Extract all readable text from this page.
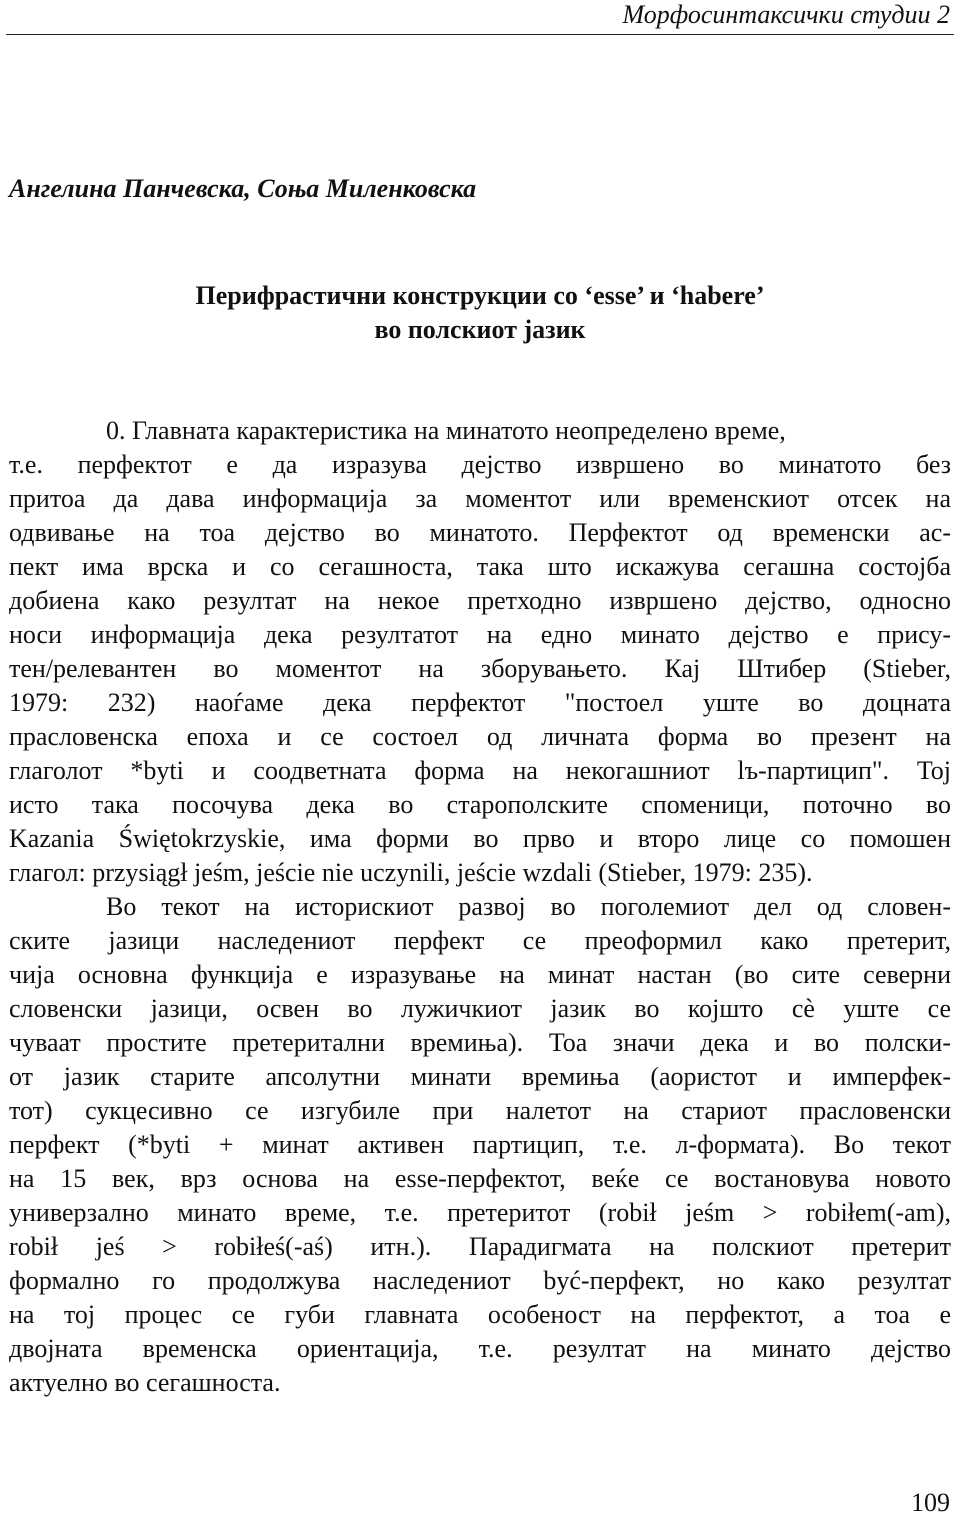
Морфосинтаксички студии 2
Ангелина Панчевска, Соња Миленковска
Перифрастични конструкции со ‘esse’ и ‘habere’
во полскиот јазик
0. Главната карактеристика на минатото неопределено време,
т.е. перфектот е да изразува дејство извршено во минатото без
притоа да дава информација за моментот или временскиот отсек на
одвивање на тоа дејство во минатото. Перфектот од временски ас-
пект има врска и со сегашноста, така што искажува сегашна состојба
добиена како резултат на некое претходно извршено дејство, односно
носи информација дека резултатот на едно минато дејство е прису-
тен/релевантен во моментот на зборувањето. Кај Штибер (Stieber,
1979: 232) наоѓаме дека перфектот "постоел уште во доцната
прасловенска епоха и се состоел од личната форма во презент на
глаголот *byti и соодветната форма на некогашниот lъ-партицип". Тој
исто така посочува дека во старополските споменици, поточно во
Kazania Świętokrzyskie, има форми во прво и второ лице со помошен
глагол: przysiągł jeśm, jeście nie uczynili, jeście wzdali (Stieber, 1979: 235).
Во текот на историскиот развој во поголемиот дел од словен-
ските јазици наследениот перфект се преоформил како претерит,
чија основна функција е изразување на минат настан (во сите северни
словенски јазици, освен во лужичкиот јазик во којшто сѐ уште се
чуваат простите претеритални времиња). Тоа значи дека и во полски-
от јазик старите апсолутни минати времиња (аористот и имперфек-
тот) сукцесивно се изгубиле при налетот на стариот прасловенски
перфект (*byti + минат активен партицип, т.е. л-формата). Во текот
на 15 век, врз основа на esse-перфектот, веќе се востановува новото
универзално минато време, т.е. претеритот (robił jeśm > robiłem(-am),
robił jeś > robiłeś(-aś) итн.). Парадигмата на полскиот претерит
формално го продолжува наследениот być-перфект, но како резултат
на тој процес се губи главната особеност на перфектот, а тоа е
двојната временска ориентација, т.е. резултат на минато дејство
актуелно во сегашноста.
109
